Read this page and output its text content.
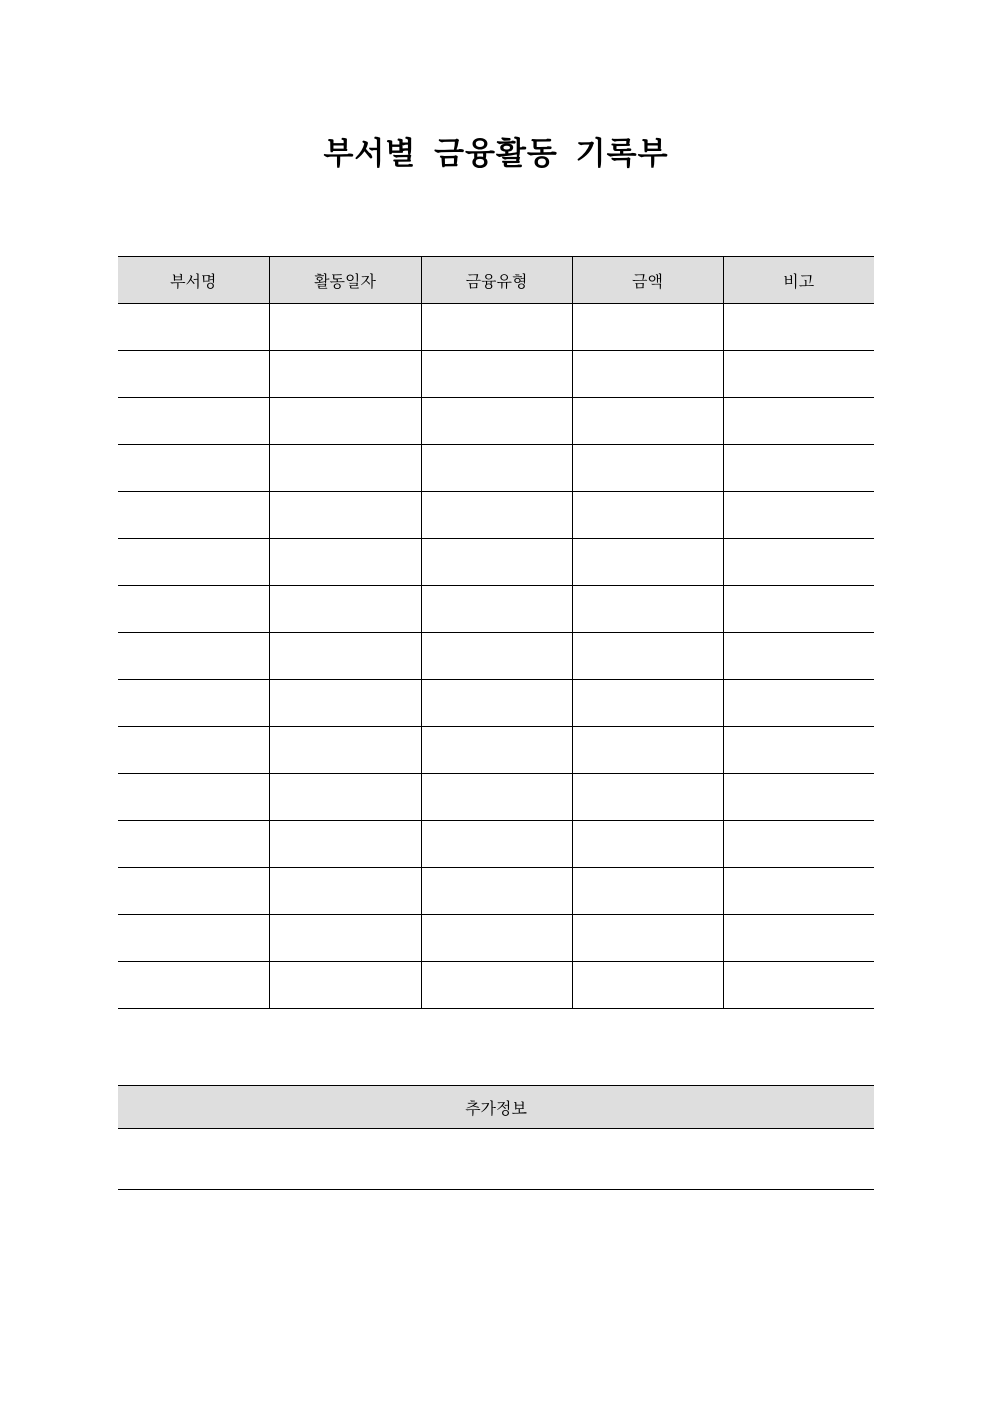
부서별 금융활동 기록부
부서명	활동일자	금융유형	금액	비고

추가정보
